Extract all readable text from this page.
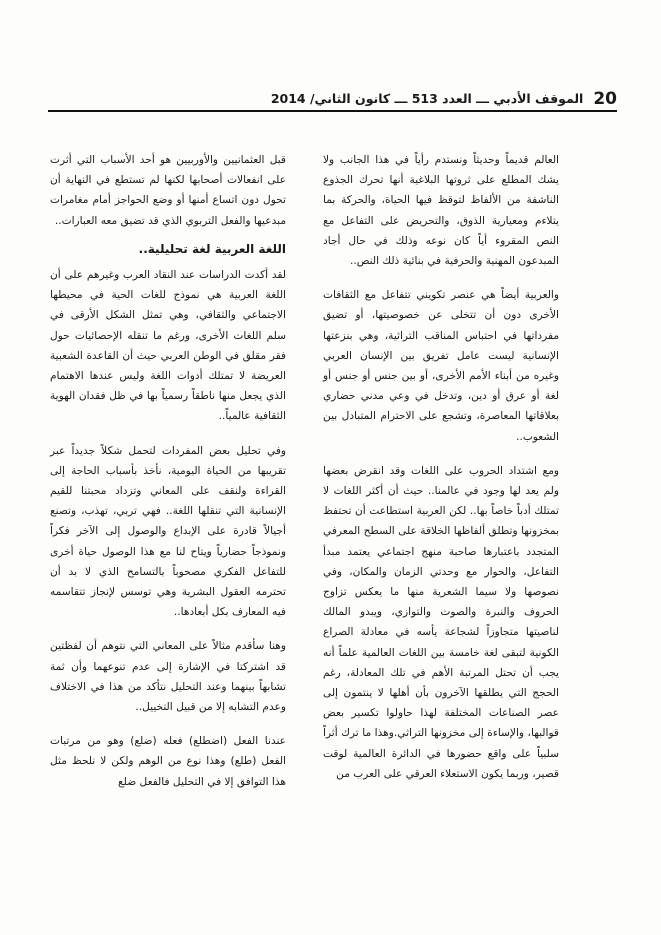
20
الموقف الأدبي ـــ العدد 513 ـــ كانون الثاني/ 2014

العالم قديماً وحديثاً ونستدم رأياً في هذا الجانب ولا يشك المطلع على ثروتها البلاغية أنها تحرك الجذوع الناشفة من الألفاظ لتوقظ فيها الحياة، والحركة بما يتلاءم ومعيارية الذوق، والتحريض على التفاعل مع النص المقروء أياً كان نوعه وذلك في حال أجاد المبدعون المهنية والحرفية في بنائية ذلك النص..

والعربية أيضاً هي عنصر تكويني تتفاعل مع الثقافات الأخرى دون أن تتخلى عن خصوصيتها، أو تضيق مفرداتها في احتباس المناقب التراثية، وهي بنزعتها الإنسانية ليست عامل تفريق بين الإنسان العربي وغيره من أبناء الأمم الأخرى، أو بين جنس أو جنس أو لغة أو عرق أو دين، وتدخل في وعي مدني حضاري بعلاقاتها المعاصرة، وتشجع على الاحترام المتبادل بين الشعوب..

ومع اشتداد الحروب على اللغات وقد انقرض بعضها ولم يعد لها وجود في عالمنا.. حيث أن أكثر اللغات لا تمتلك أدباً خاصاً بها.. لكن العربية استطاعت أن تحتفظ بمخزونها وتطلق ألفاظها الخلاقة على السطح المعرفي المتجدد باعتبارها صاحبة منهج اجتماعي يعتمد مبدأ التفاعل، والحوار مع وحدتي الزمان والمكان، وفي نصوصها ولا سيما الشعرية منها ما يعكس تزاوج الحروف والنبرة والصوت والتوازي، ويبدو المالك لناصيتها متجاوزاً لشجاعة يأسه في معادلة الصراع الكونية لتبقى لغة خامسة بين اللغات العالمية علماً أنه يجب أن تحتل المرتبة الأهم في تلك المعادلة، رغم الحجج التي يطلقها الآخرون بأن أهلها لا ينتمون إلى عصر الصناعات المختلفة لهذا حاولوا تكسير بعض قوالبها، والإساءة إلى مخزونها التراثي.وهذا ما ترك أثراً سلبياً على واقع حضورها في الدائرة العالمية لوقت قصير، وربما يكون الاستعلاء العرقي على العرب من

قبل العثمانيين والأوربيين هو أحد الأسباب التي أثرت على انفعالات أصحابها لكنها لم تستطع في النهاية أن تحول دون اتساع أمنها أو وضع الحواجز أمام مغامرات مبدعيها والفعل التربوي الذي قد تضيق معه العبارات..

اللغة العربية لغة تحليلية..

لقد أكدت الدراسات عند النقاد العرب وغيرهم على أن اللغة العربية هي نموذج للغات الحية في محيطها الاجتماعي والثقافي، وهي تمثل الشكل الأرقى في سلم اللغات الأخرى، ورغم ما تنقله الإحصائيات حول فقر مقلق في الوطن العربي حيث أن القاعدة الشعبية العريضة لا تمتلك أدوات اللغة وليس عندها الاهتمام الذي يجعل منها ناطقاً رسمياً بها في ظل فقدان الهوية الثقافية عالمياً..

وفي تحليل بعض المفردات لتحمل شكلاً جديداً عبر تقريبها من الحياة اليومية، نأخذ بأسباب الحاجة إلى القراءة ولنقف على المعاني وتزداد محبتنا للقيم الإنسانية التي تنقلها اللغة.. فهي تربي، تهذب، وتصنع أجيالاً قادرة على الإبداع والوصول إلى الآخر فكراً ونموذجاً حضارياً ويتاح لنا مع هذا الوصول حياة أخرى للتفاعل الفكري مصحوباً بالتسامح الذي لا بد أن تحترمه العقول البشرية وهي توسس لإنجاز تتقاسمه فيه المعارف بكل أبعادها..

وهنا سأقدم مثالاً على المعاني التي نتوهم أن لفظتين قد اشتركتا في الإشارة إلى عدم تنوعهما وأن ثمة تشابهاً بينهما وعند التحليل نتأكد من هذا في الاختلاف وعدم التشابه إلا من قبيل التخييل..

عندنا الفعل (اضطلع) فعله (ضلع) وهو من مرتبات الفعل (طلع) وهذا نوع من الوهم ولكن لا نلحظ مثل هذا التوافق إلا في التحليل فالفعل ضلع
